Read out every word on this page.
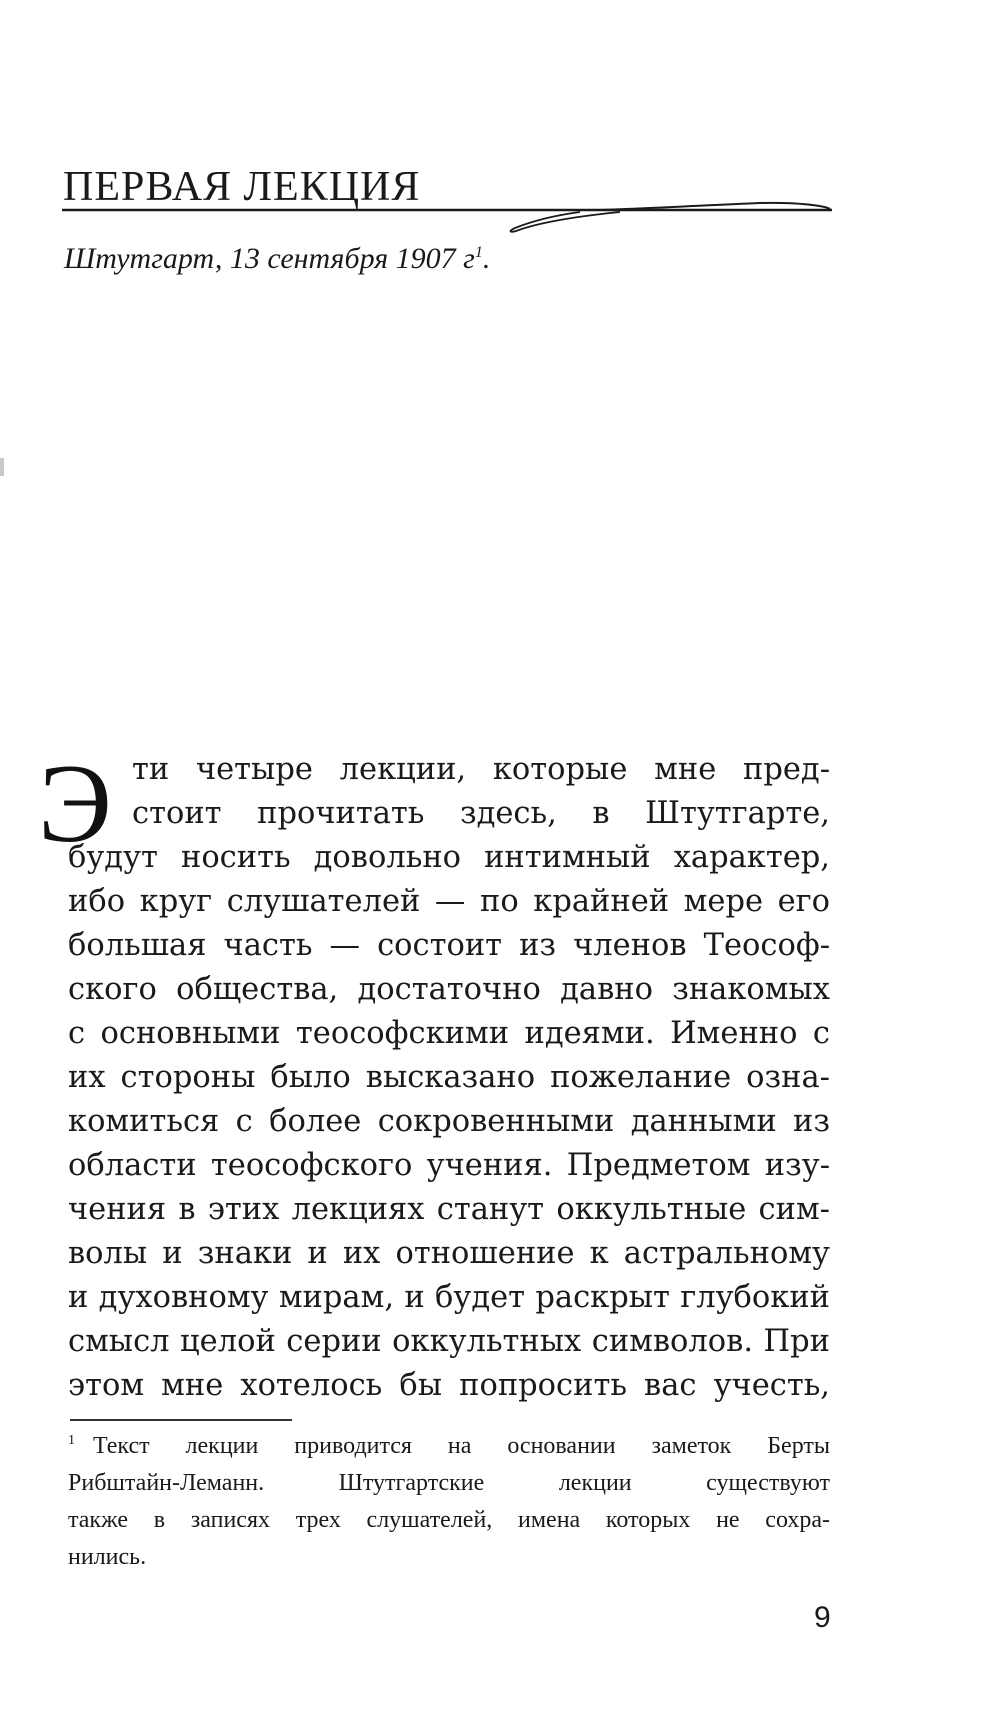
ПЕРВАЯ ЛЕКЦИЯ

Штутгарт, 13 сентября 1907 $г^1$.

Э ти четыре лекции, которые мне пред-
стоит прочитать здесь, в Штутгарте,
будут носить довольно интимный характер,
ибо круг слушателей — по крайней мере его
большая часть — состоит из членов Теософ-
ского общества, достаточно давно знакомых
с основными теософскими идеями. Именно с
их стороны было высказано пожелание озна-
комиться с более сокровенными данными из
области теософского учения. Предметом изу-
чения в этих лекциях станут оккультные сим-
волы и знаки и их отношение к астральному
и духовному мирам, и будет раскрыт глубокий
смысл целой серии оккультных символов. При
этом мне хотелось бы попросить вас учесть,
$^1$ Текст лекции приводится на основании заметок Берты
Рибштайн-Леманн. Штутгартские лекции существуют
также в записях трех слушателей, имена которых не сохра-
нились.
9
